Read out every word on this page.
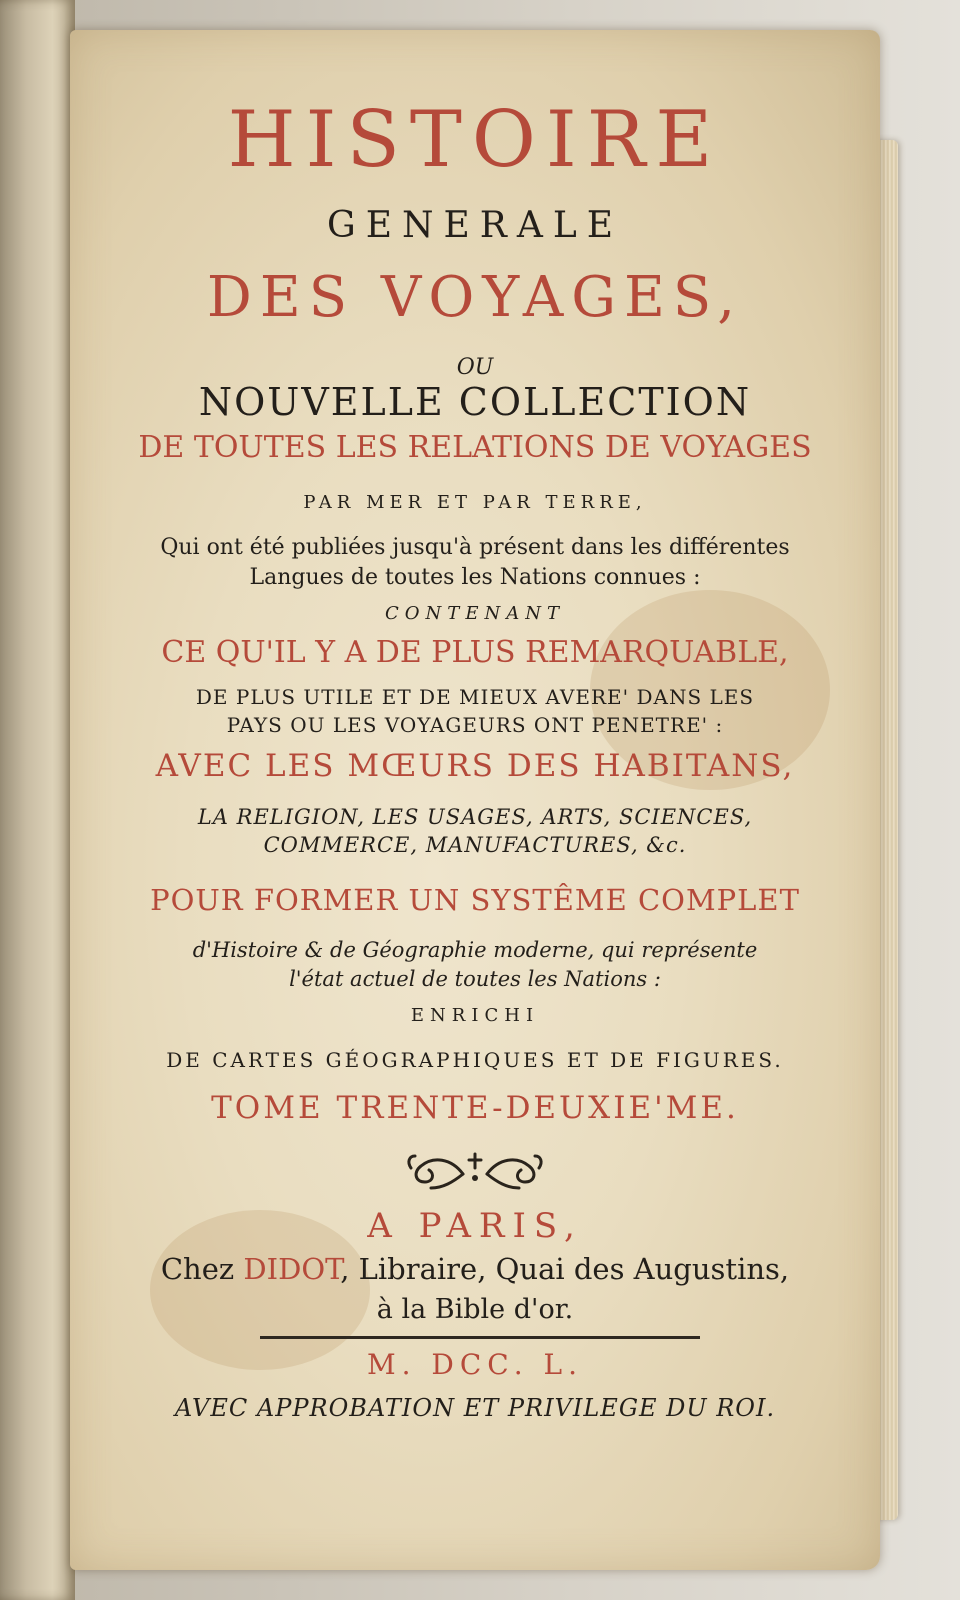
HISTOIRE
GENERALE
DES VOYAGES,
OU
NOUVELLE COLLECTION
DE TOUTES LES RELATIONS DE VOYAGES
PAR MER ET PAR TERRE,
Qui ont été publiées jusqu'à présent dans les différentes
Langues de toutes les Nations connues :
CONTENANT
CE QU'IL Y A DE PLUS REMARQUABLE,
DE PLUS UTILE ET DE MIEUX AVERE' DANS LES
PAYS OU LES VOYAGEURS ONT PENETRE' :
AVEC LES MŒURS DES HABITANS,
LA RELIGION, LES USAGES, ARTS, SCIENCES,
COMMERCE, MANUFACTURES, &c.
POUR FORMER UN SYSTÊME COMPLET
d'Histoire & de Géographie moderne, qui représente
l'état actuel de toutes les Nations :
ENRICHI
DE CARTES GÉOGRAPHIQUES ET DE FIGURES.
TOME TRENTE-DEUXIE'ME.
A PARIS,
Chez DIDOT, Libraire, Quai des Augustins,
à la Bible d'or.
M. DCC. L.
AVEC APPROBATION ET PRIVILEGE DU ROI.
